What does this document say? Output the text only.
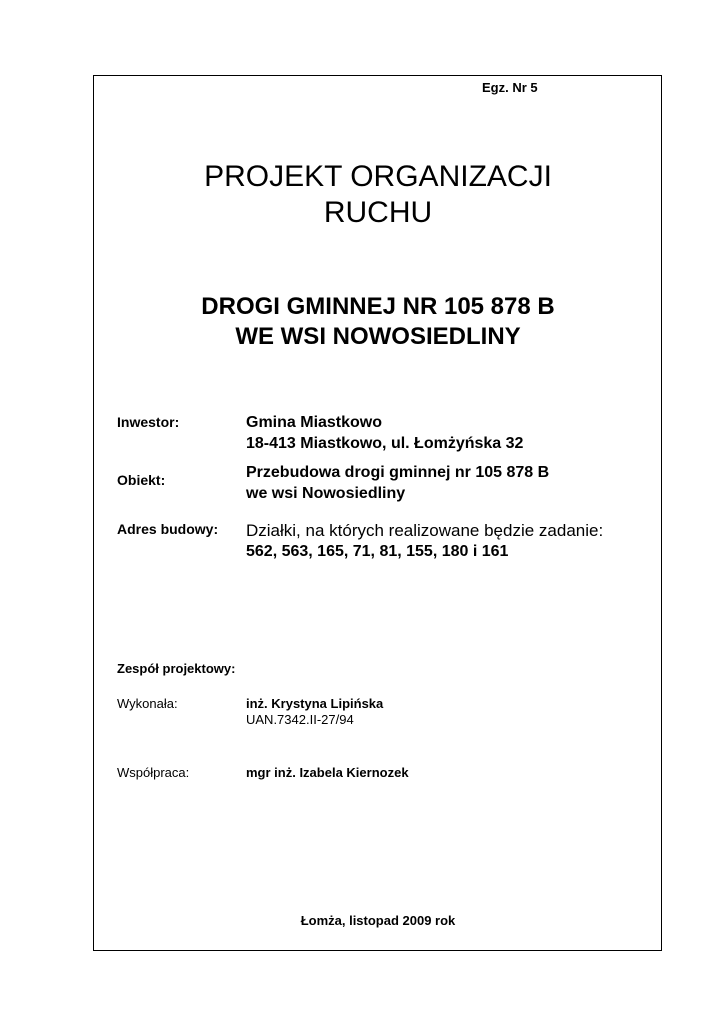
Egz. Nr 5
PROJEKT ORGANIZACJI
RUCHU
DROGI GMINNEJ NR 105 878 B
WE WSI NOWOSIEDLINY
Inwestor:	Gmina Miastkowo
18-413 Miastkowo, ul. Łomżyńska 32
Obiekt:	Przebudowa drogi gminnej nr 105 878 B
we wsi Nowosiedliny
Adres budowy: Działki, na których realizowane będzie zadanie:
562, 563, 165, 71, 81, 155, 180 i 161
Zespół projektowy:
Wykonała:	inż. Krystyna Lipińska
UAN.7342.II-27/94
Współpraca:	mgr inż. Izabela Kiernozek
Łomża, listopad 2009 rok
